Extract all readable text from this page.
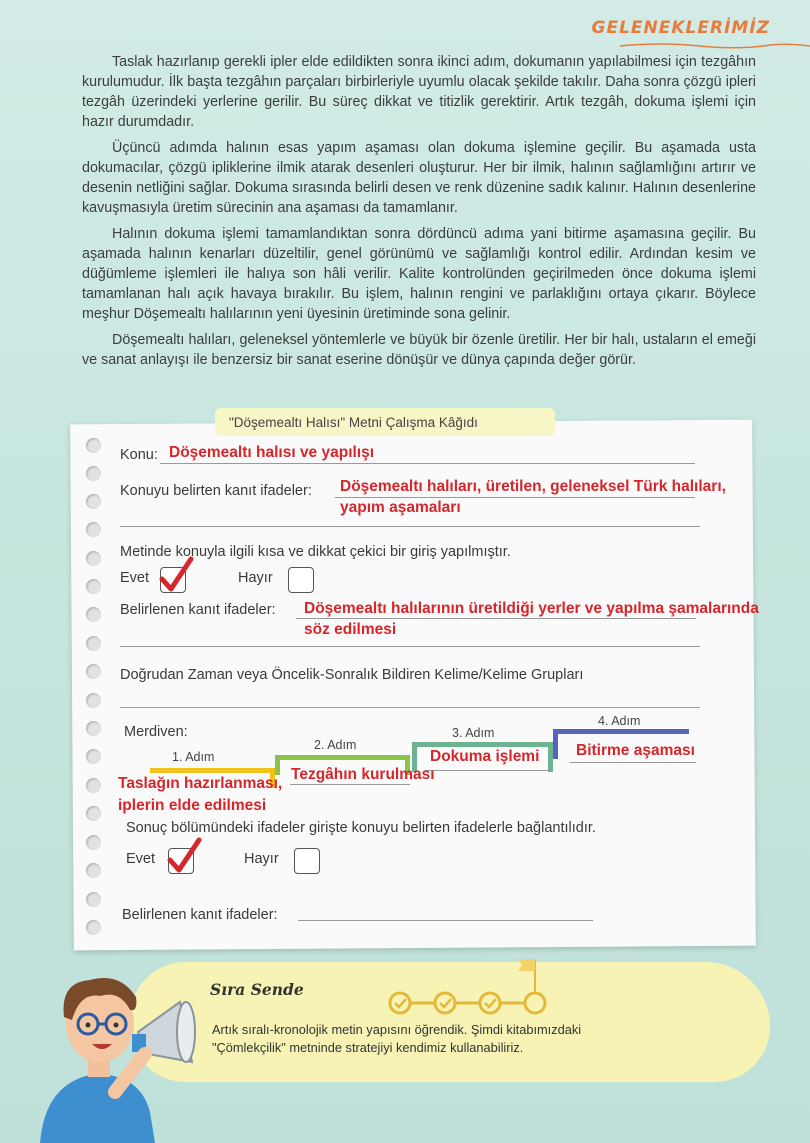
GELENEKLERİMİZ

Taslak hazırlanıp gerekli ipler elde edildikten sonra ikinci adım, dokumanın yapılabilmesi için tezgâhın kurulumudur. İlk başta tezgâhın parçaları birbirleriyle uyumlu olacak şekilde takılır. Daha sonra çözgü ipleri tezgâh üzerindeki yerlerine gerilir. Bu süreç dikkat ve titizlik gerektirir. Artık tezgâh, dokuma işlemi için hazır durumdadır.

Üçüncü adımda halının esas yapım aşaması olan dokuma işlemine geçilir. Bu aşamada usta dokumacılar, çözgü ipliklerine ilmik atarak desenleri oluşturur. Her bir ilmik, halının sağlamlığını artırır ve desenin netliğini sağlar. Dokuma sırasında belirli desen ve renk düzenine sadık kalınır. Halının desenlerine kavuşmasıyla üretim sürecinin ana aşaması da tamamlanır.

Halının dokuma işlemi tamamlandıktan sonra dördüncü adıma yani bitirme aşamasına geçilir. Bu aşamada halının kenarları düzeltilir, genel görünümü ve sağlamlığı kontrol edilir. Ardından kesim ve düğümleme işlemleri ile halıya son hâli verilir. Kalite kontrolünden geçirilmeden önce dokuma işlemi tamamlanan halı açık havaya bırakılır. Bu işlem, halının rengini ve parlaklığını ortaya çıkarır. Böylece meşhur Döşemealtı halılarının yeni üyesinin üretiminde sona gelinir.

Döşemealtı halıları, geleneksel yöntemlerle ve büyük bir özenle üretilir. Her bir halı, ustaların el emeği ve sanat anlayışı ile benzersiz bir sanat eserine dönüşür ve dünya çapında değer görür.

"Döşemealtı Halısı" Metni Çalışma Kâğıdı
Konu: Döşemealtı halısı ve yapılışı
Konuyu belirten kanıt ifadeler: Döşemealtı halıları, üretilen, geleneksel Türk halıları,
yapım aşamaları
Metinde konuyla ilgili kısa ve dikkat çekici bir giriş yapılmıştır.
Evet	Hayır
Belirlenen kanıt ifadeler: Döşemealtı halılarının üretildiği yerler ve yapılma şamalarında
söz edilmesi
Doğrudan Zaman veya Öncelik-Sonralık Bildiren Kelime/Kelime Grupları
Merdiven:
1. Adım
2. Adım
3. Adım
4. Adım
Taslağın hazırlanması,
iplerin elde edilmesi
Tezgâhın kurulması
Dokuma işlemi Bitirme aşaması
Sonuç bölümündeki ifadeler girişte konuyu belirten ifadelerle bağlantılıdır.
Evet	Hayır
Belirlenen kanıt ifadeler:
Sıra Sende
Artık sıralı-kronolojik metin yapısını öğrendik. Şimdi kitabımızdaki "Çömlekçilik" metninde stratejiyi kendimiz kullanabiliriz.
